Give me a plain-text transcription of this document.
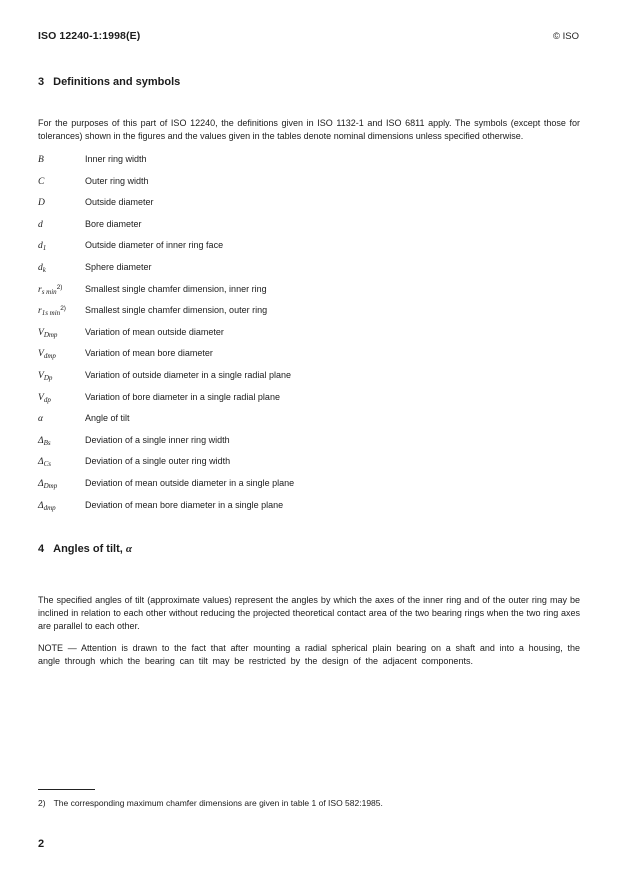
ISO 12240-1:1998(E)	© ISO
3 Definitions and symbols

For the purposes of this part of ISO 12240, the definitions given in ISO 1132-1 and ISO 6811 apply. The symbols (except those for tolerances) shown in the figures and the values given in the tables denote nominal dimensions unless specified otherwise.

B	Inner ring width
C	Outer ring width
D	Outside diameter
d	Bore diameter
$d_1$	Outside diameter of inner ring face
$d_k$	Sphere diameter
$r_{s min}^{2)}$	Smallest single chamfer dimension, inner ring
$r_{1s min}^{2)}$	Smallest single chamfer dimension, outer ring
$V_{Dmp}$	Variation of mean outside diameter
$V_{dmp}$	Variation of mean bore diameter
$V_{Dp}$	Variation of outside diameter in a single radial plane
$V_{dp}$	Variation of bore diameter in a single radial plane
α	Angle of tilt
$\Delta_{Bs}$	Deviation of a single inner ring width
$\Delta_{Cs}$	Deviation of a single outer ring width
$\Delta_{Dmp}$	Deviation of mean outside diameter in a single plane
$\Delta_{dmp}$	Deviation of mean bore diameter in a single plane
4 Angles of tilt, α

The specified angles of tilt (approximate values) represent the angles by which the axes of the inner ring and of the outer ring may be inclined in relation to each other without reducing the projected theoretical contact area of the two bearing rings when the two ring axes are parallel to each other.

NOTE — Attention is drawn to the fact that after mounting a radial spherical plain bearing on a shaft and into a housing, the angle through which the bearing can tilt may be restricted by the design of the adjacent components.

2) The corresponding maximum chamfer dimensions are given in table 1 of ISO 582:1985.
2
